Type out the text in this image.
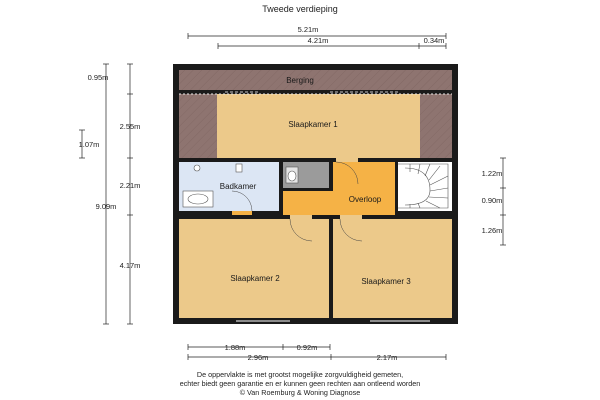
Tweede verdieping
5.21m
4.21m	0.34m
Berging
Slaapkamer 1
Badkamer
Overloop
Slaapkamer 2	Slaapkamer 3
0.95m
2.55m
1.07m
2.21m
9.09m
4.17m
1.22m
0.90m
1.26m
1.88m	0.92m
2.96m	2.17m
De oppervlakte is met grootst mogelijke zorgvuldigheid gemeten,
echter biedt geen garantie en er kunnen geen rechten aan ontleend worden
© Van Roemburg & Woning Diagnose
